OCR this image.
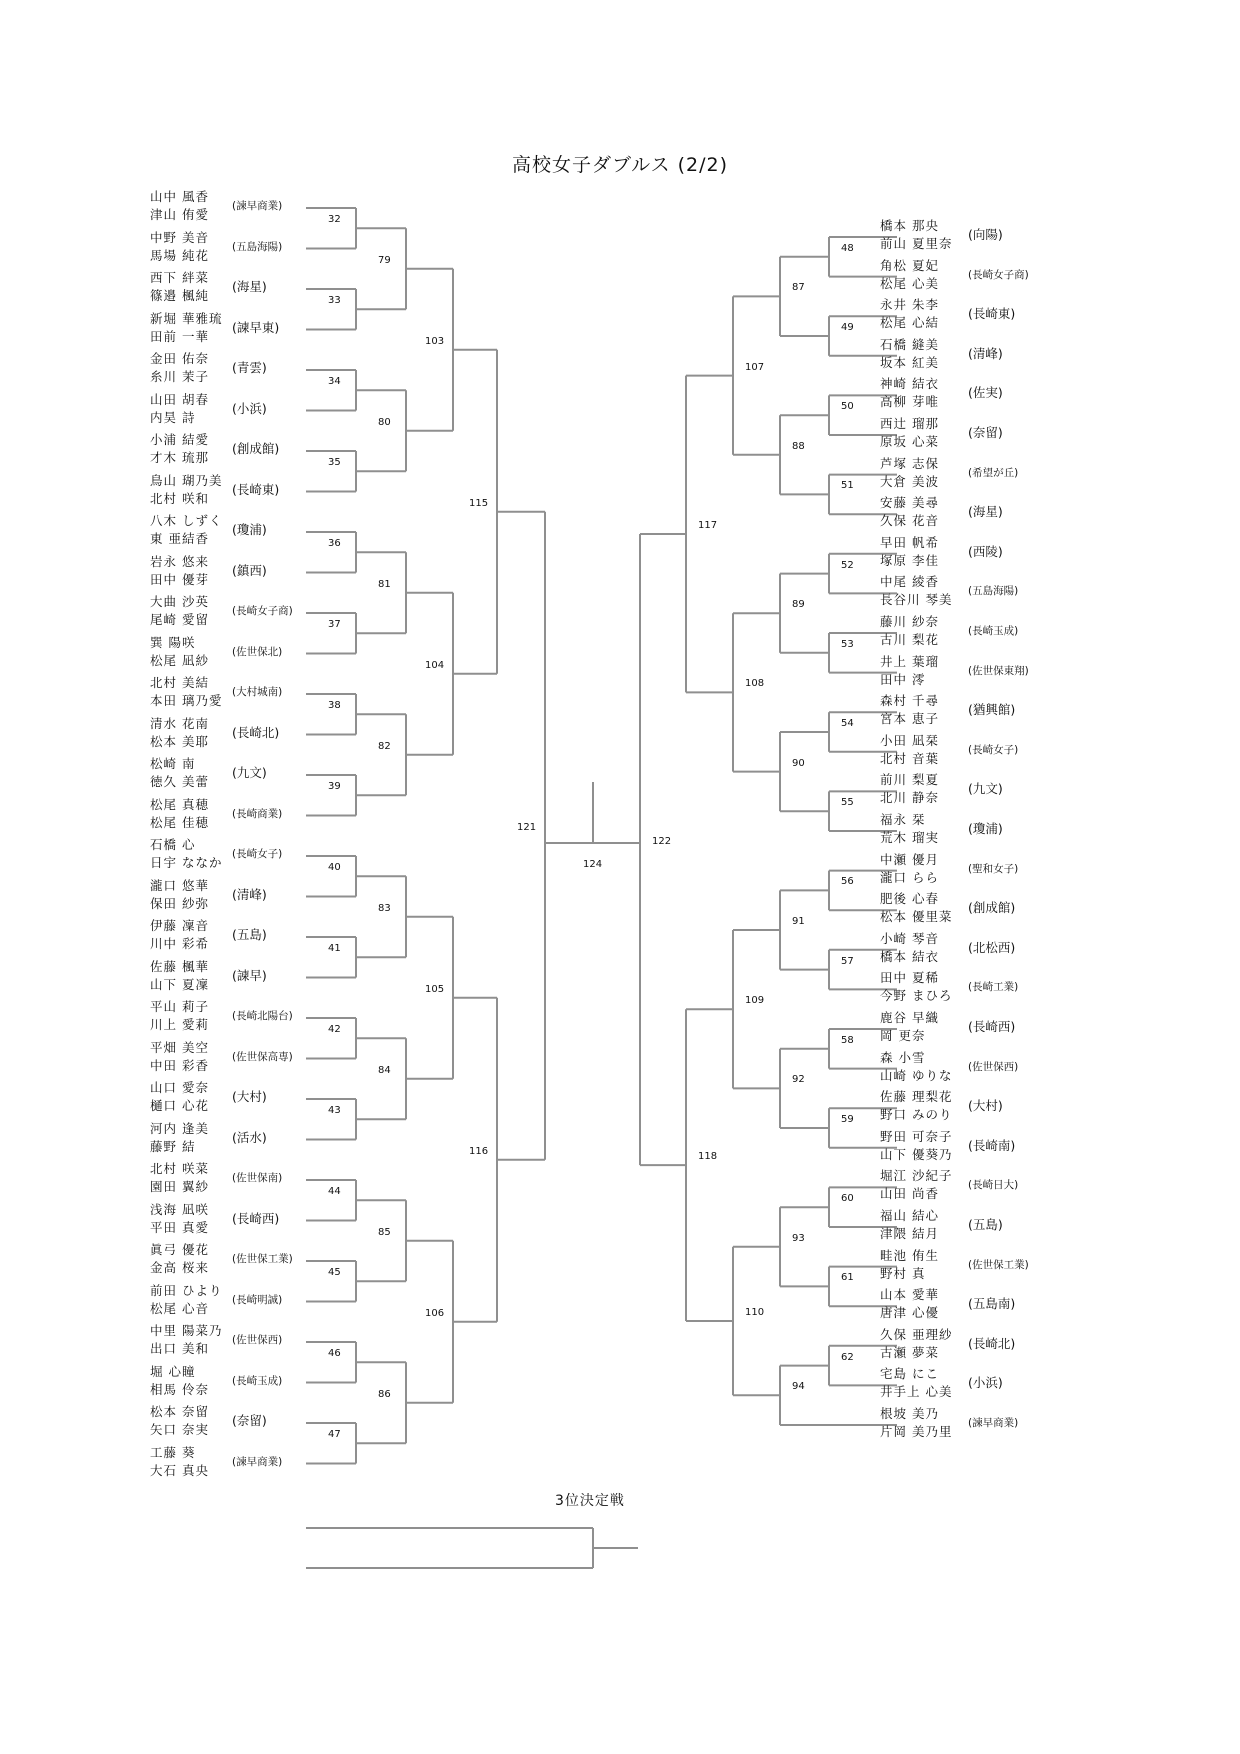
高校女子ダブルス (2/2)
山中 風香
津山 侑愛
(諫早商業)
中野 美音
馬場 純花
(五島海陽)
西下 絆菜
篠邉 楓純
(海星)
新堀 華雅琉
田前 一華
(諫早東)
金田 佑奈
糸川 茉子
(青雲)
山田 胡春
内昊 詩
(小浜)
小浦 結愛
才木 琉那
(創成館)
鳥山 瑚乃美
北村 咲和
(長崎東)
八木 しずく
東 亜結香
(瓊浦)
岩永 悠来
田中 優芽
(鎮西)
大曲 沙英
尾崎 愛留
(長崎女子商)
巽 陽咲
松尾 凪紗
(佐世保北)
北村 美結
本田 璃乃愛
(大村城南)
清水 花南
松本 美耶
(長崎北)
松崎 南
徳久 美蕾
(九文)
松尾 真穂
松尾 佳穂
(長崎商業)
石橋 心
日宇 ななか
(長崎女子)
瀧口 悠華
保田 紗弥
(清峰)
伊藤 凜音
川中 彩希
(五島)
佐藤 楓華
山下 夏凜
(諫早)
平山 莉子
川上 愛莉
(長崎北陽台)
平畑 美空
中田 彩香
(佐世保高専)
山口 愛奈
樋口 心花
(大村)
河内 逢美
藤野 結
(活水)
北村 咲菜
園田 翼紗
(佐世保南)
浅海 凪咲
平田 真愛
(長崎西)
眞弓 優花
金高 桜来
(佐世保工業)
前田 ひより
松尾 心音
(長崎明誠)
中里 陽菜乃
出口 美和
(佐世保西)
堀 心瞳
相馬 伶奈
(長崎玉成)
松本 奈留
矢口 奈実
(奈留)
工藤 葵
大石 真央
(諫早商業)
32
33
34
35
36
37
38
39
40
41
42
43
44
45
46
47
79
80
81
82
83
84
85
86
103
104
105
106
115
116
121
橋本 那央
前山 夏里奈
(向陽)
角松 夏妃
松尾 心美
(長崎女子商)
永井 朱李
松尾 心結
(長崎東)
石橋 縫美
坂本 紅美
(清峰)
神崎 結衣
高柳 芽唯
(佐実)
西辻 瑠那
原坂 心菜
(奈留)
芦塚 志保
大倉 美波
(希望が丘)
安藤 美尋
久保 花音
(海星)
早田 帆希
塚原 李佳
(西陵)
中尾 綾香
長谷川 琴美
(五島海陽)
藤川 紗奈
古川 梨花
(長崎玉成)
井上 葉瑠
田中 澪
(佐世保東翔)
森村 千尋
宮本 恵子
(猶興館)
小田 凪栞
北村 音葉
(長崎女子)
前川 梨夏
北川 静奈
(九文)
福永 栞
荒木 瑠実
(瓊浦)
中瀬 優月
瀧口 らら
(聖和女子)
肥後 心春
松本 優里菜
(創成館)
小崎 琴音
橋本 結衣
(北松西)
田中 夏稀
今野 まひろ
(長崎工業)
鹿谷 早織
岡 更奈
(長崎西)
森 小雪
山崎 ゆりな
(佐世保西)
佐藤 理梨花
野口 みのり
(大村)
野田 可奈子
山下 優葵乃
(長崎南)
堀江 沙紀子
山田 尚香
(長崎日大)
福山 結心
津隈 結月
(五島)
畦池 侑生
野村 真
(佐世保工業)
山本 愛華
唐津 心優
(五島南)
久保 亜理紗
古瀬 夢菜
(長崎北)
宅島 にこ
井手上 心美
(小浜)
根坡 美乃
片岡 美乃里
(諫早商業)
48
49
50
51
52
53
54
55
56
57
58
59
60
61
62
87
88
89
90
91
92
93
94
107
108
109
110
117
118
122
124
3位決定戦
